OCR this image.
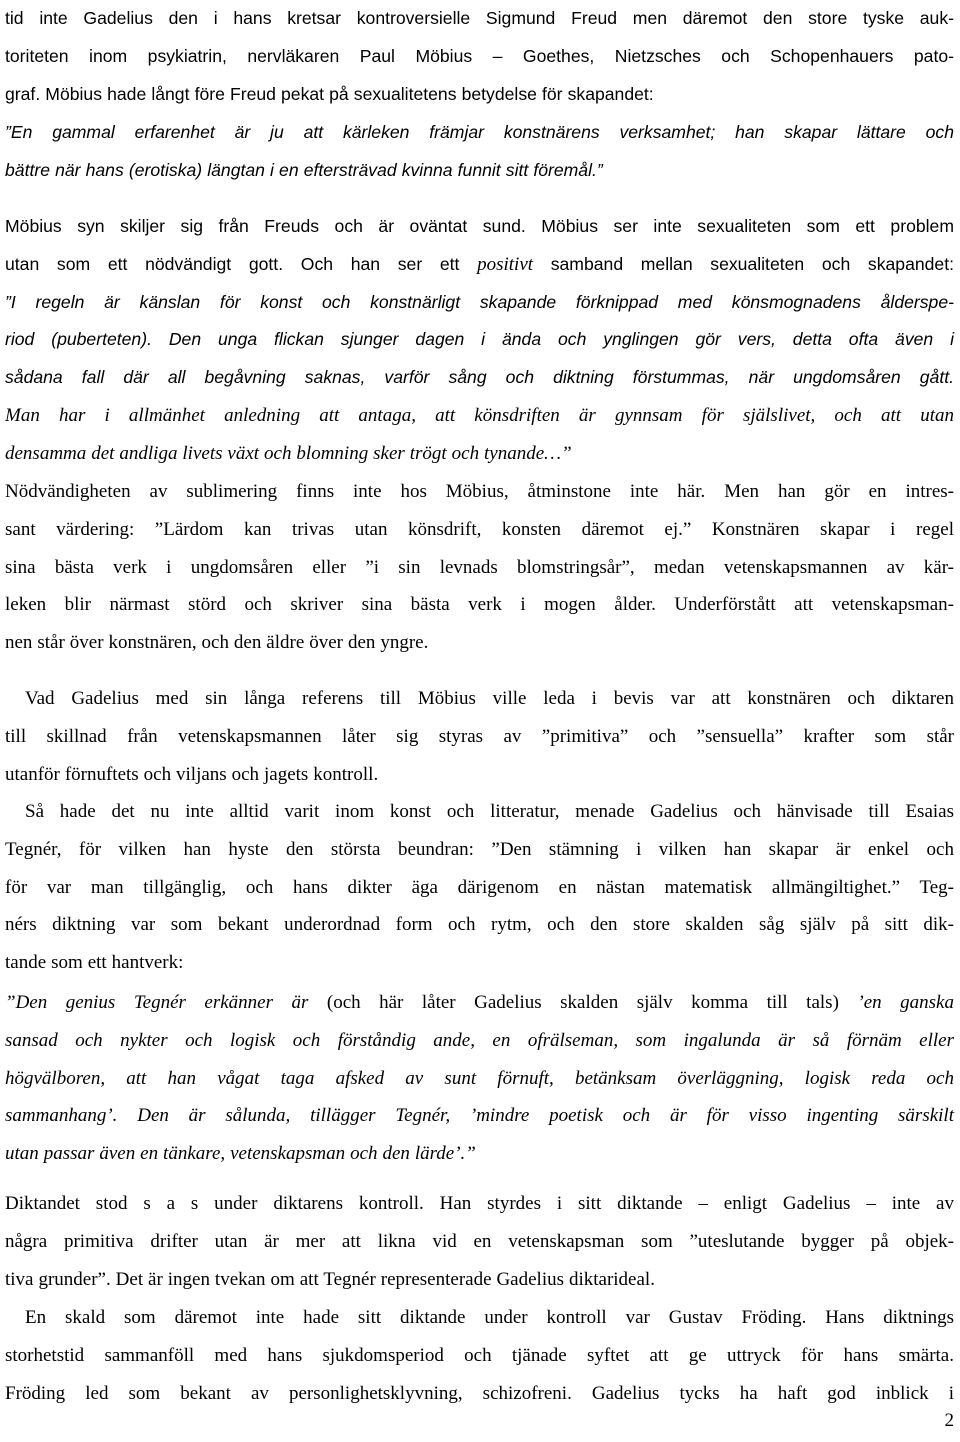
tid inte Gadelius den i hans kretsar kontroversielle Sigmund Freud men däremot den store tyske auk-
toriteten inom psykiatrin, nervläkaren Paul Möbius – Goethes, Nietzsches och Schopenhauers pato-
graf. Möbius hade långt före Freud pekat på sexualitetens betydelse för skapandet:
”En gammal erfarenhet är ju att kärleken främjar konstnärens verksamhet; han skapar lättare och
bättre när hans (erotiska) längtan i en eftersträvad kvinna funnit sitt föremål.”
Möbius syn skiljer sig från Freuds och är oväntat sund. Möbius ser inte sexualiteten som ett problem
utan som ett nödvändigt gott. Och han ser ett positivt samband mellan sexualiteten och skapandet:
”I regeln är känslan för konst och konstnärligt skapande förknippad med könsmognadens ålderspe-
riod (puberteten). Den unga flickan sjunger dagen i ända och ynglingen gör vers, detta ofta även i
sådana fall där all begåvning saknas, varför sång och diktning förstummas, när ungdomsåren gått.
Man har i allmänhet anledning att antaga, att könsdriften är gynnsam för själslivet, och att utan
densamma det andliga livets växt och blomning sker trögt och tynande…”
Nödvändigheten av sublimering finns inte hos Möbius, åtminstone inte här. Men han gör en intres-
sant värdering: ”Lärdom kan trivas utan könsdrift, konsten däremot ej.” Konstnären skapar i regel
sina bästa verk i ungdomsåren eller ”i sin levnads blomstringsår”, medan vetenskapsmannen av kär-
leken blir närmast störd och skriver sina bästa verk i mogen ålder. Underförstått att vetenskapsman-
nen står över konstnären, och den äldre över den yngre.
Vad Gadelius med sin långa referens till Möbius ville leda i bevis var att konstnären och diktaren
till skillnad från vetenskapsmannen låter sig styras av ”primitiva” och ”sensuella” krafter som står
utanför förnuftets och viljans och jagets kontroll.
Så hade det nu inte alltid varit inom konst och litteratur, menade Gadelius och hänvisade till Esaias
Tegnér, för vilken han hyste den största beundran: ”Den stämning i vilken han skapar är enkel och
för var man tillgänglig, och hans dikter äga därigenom en nästan matematisk allmängiltighet.” Teg-
nérs diktning var som bekant underordnad form och rytm, och den store skalden såg själv på sitt dik-
tande som ett hantverk:
”Den genius Tegnér erkänner är (och här låter Gadelius skalden själv komma till tals) ’en ganska
sansad och nykter och logisk och förståndig ande, en ofrälseman, som ingalunda är så förnäm eller
högvälboren, att han vågat taga afsked av sunt förnuft, betänksam överläggning, logisk reda och
sammanhang’. Den är sålunda, tillägger Tegnér, ’mindre poetisk och är för visso ingenting särskilt
utan passar även en tänkare, vetenskapsman och den lärde’.”
Diktandet stod s a s under diktarens kontroll. Han styrdes i sitt diktande – enligt Gadelius – inte av
några primitiva drifter utan är mer att likna vid en vetenskapsman som ”uteslutande bygger på objek-
tiva grunder”. Det är ingen tvekan om att Tegnér representerade Gadelius diktarideal.
En skald som däremot inte hade sitt diktande under kontroll var Gustav Fröding. Hans diktnings
storhetstid sammanföll med hans sjukdomsperiod och tjänade syftet att ge uttryck för hans smärta.
Fröding led som bekant av personlighetsklyvning, schizofreni. Gadelius tycks ha haft god inblick i
2
